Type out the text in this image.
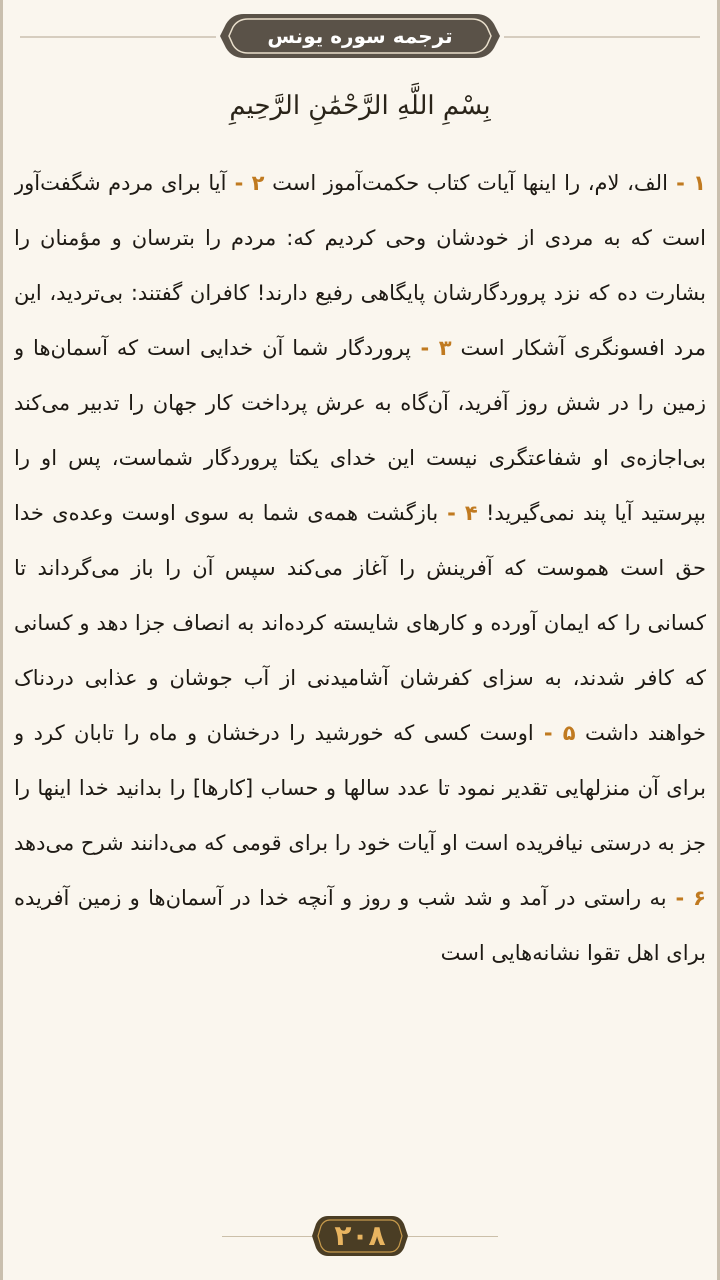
ترجمه سوره یونس
بِسْمِ اللَّهِ الرَّحْمَٰنِ الرَّحِيمِ

۱ - الف، لام، را اینها آیات کتاب حکمت‌آموز است ۲ - آیا برای مردم شگفت‌آور است که به مردی از خودشان وحی کردیم که: مردم را بترسان و مؤمنان را بشارت ده که نزد پروردگارشان پایگاهی رفیع دارند! کافران گفتند: بی‌تردید، این مرد افسونگری آشکار است ۳ - پروردگار شما آن خدایی است که آسمان‌ها و زمین را در شش روز آفرید، آن‌گاه به عرش پرداخت کار جهان را تدبیر می‌کند بی‌اجازه‌ی او شفاعتگری نیست این خدای یکتا پروردگار شماست، پس او را بپرستید آیا پند نمی‌گیرید! ۴ - بازگشت همه‌ی شما به سوی اوست وعده‌ی خدا حق است هموست که آفرینش را آغاز می‌کند سپس آن را باز می‌گرداند تا کسانی را که ایمان آورده و کارهای شایسته کرده‌اند به انصاف جزا دهد و کسانی که کافر شدند، به سزای کفرشان آشامیدنی از آب جوشان و عذابی دردناک خواهند داشت ۵ - اوست کسی که خورشید را درخشان و ماه را تابان کرد و برای آن منزلهایی تقدیر نمود تا عدد سالها و حساب [کارها] را بدانید خدا اینها را جز به درستی نیافریده است او آیات خود را برای قومی که می‌دانند شرح می‌دهد ۶ - به راستی در آمد و شد شب و روز و آنچه خدا در آسمان‌ها و زمین آفریده برای اهل تقوا نشانه‌هایی است

۲۰۸
